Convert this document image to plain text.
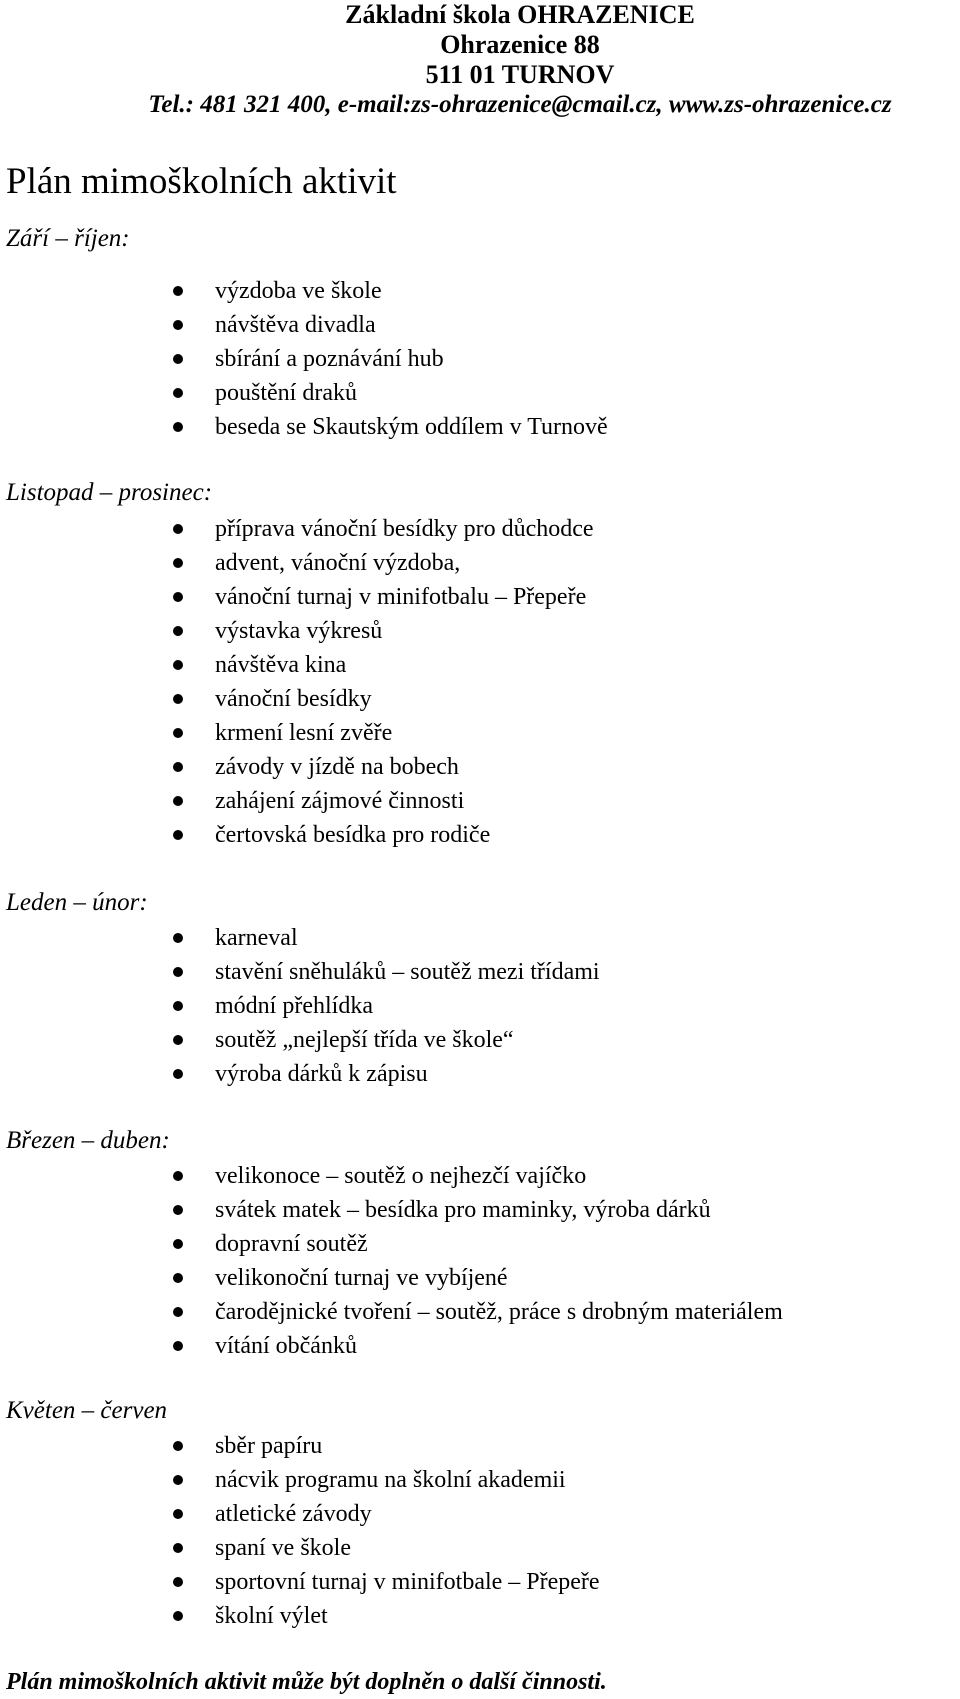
Základní škola OHRAZENICE
Ohrazenice 88
511 01 TURNOV
Tel.: 481 321 400, e-mail:zs-ohrazenice@cmail.cz, www.zs-ohrazenice.cz
Plán mimoškolních aktivit
Září – říjen:
výzdoba ve škole
návštěva divadla
sbírání a poznávání hub
pouštění draků
beseda se Skautským oddílem v Turnově
Listopad – prosinec:
příprava vánoční besídky pro důchodce
advent, vánoční výzdoba,
vánoční turnaj v minifotbalu – Přepeře
výstavka výkresů
návštěva kina
vánoční besídky
krmení lesní zvěře
závody v jízdě na bobech
zahájení zájmové činnosti
čertovská besídka pro rodiče
Leden – únor:
karneval
stavění sněhuláků – soutěž mezi třídami
módní přehlídka
soutěž „nejlepší třída ve škole“
výroba dárků k zápisu
Březen – duben:
velikonoce – soutěž o nejhezčí vajíčko
svátek matek – besídka pro maminky, výroba dárků
dopravní soutěž
velikonoční turnaj ve vybíjené
čarodějnické tvoření – soutěž, práce s drobným materiálem
vítání občánků
Květen – červen
sběr papíru
nácvik programu na školní akademii
atletické závody
spaní ve škole
sportovní turnaj v minifotbale – Přepeře
školní výlet
Plán mimoškolních aktivit může být doplněn o další činnosti.
